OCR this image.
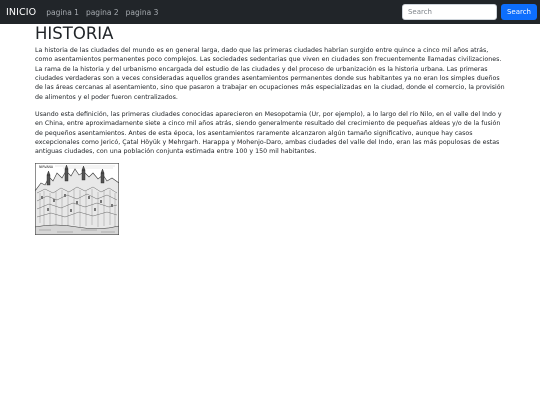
INICIO pagina 1 pagina 2 pagina 3
Search	Search
HISTORIA

La historia de las ciudades del mundo es en general larga, dado que las primeras ciudades habrían surgido entre quince a cinco mil años atrás, como asentamientos permanentes poco complejos. Las sociedades sedentarias que viven en ciudades son frecuentemente llamadas civilizaciones. La rama de la historia y del urbanismo encargada del estudio de las ciudades y del proceso de urbanización es la historia urbana. Las primeras ciudades verdaderas son a veces consideradas aquellos grandes asentamientos permanentes donde sus habitantes ya no eran los simples dueños de las áreas cercanas al asentamiento, sino que pasaron a trabajar en ocupaciones más especializadas en la ciudad, donde el comercio, la provisión de alimentos y el poder fueron centralizados.

Usando esta definición, las primeras ciudades conocidas aparecieron en Mesopotamia (Ur, por ejemplo), a lo largo del río Nilo, en el valle del Indo y en China, entre aproximadamente siete a cinco mil años atrás, siendo generalmente resultado del crecimiento de pequeñas aldeas y/o de la fusión de pequeños asentamientos. Antes de esta época, los asentamientos raramente alcanzaron algún tamaño significativo, aunque hay casos excepcionales como Jericó, Çatal Höyük y Mehrgarh. Harappa y Mohenjo-Daro, ambas ciudades del valle del Indo, eran las más populosas de estas antiguas ciudades, con una población conjunta estimada entre 100 y 150 mil habitantes.

NIRVANA
